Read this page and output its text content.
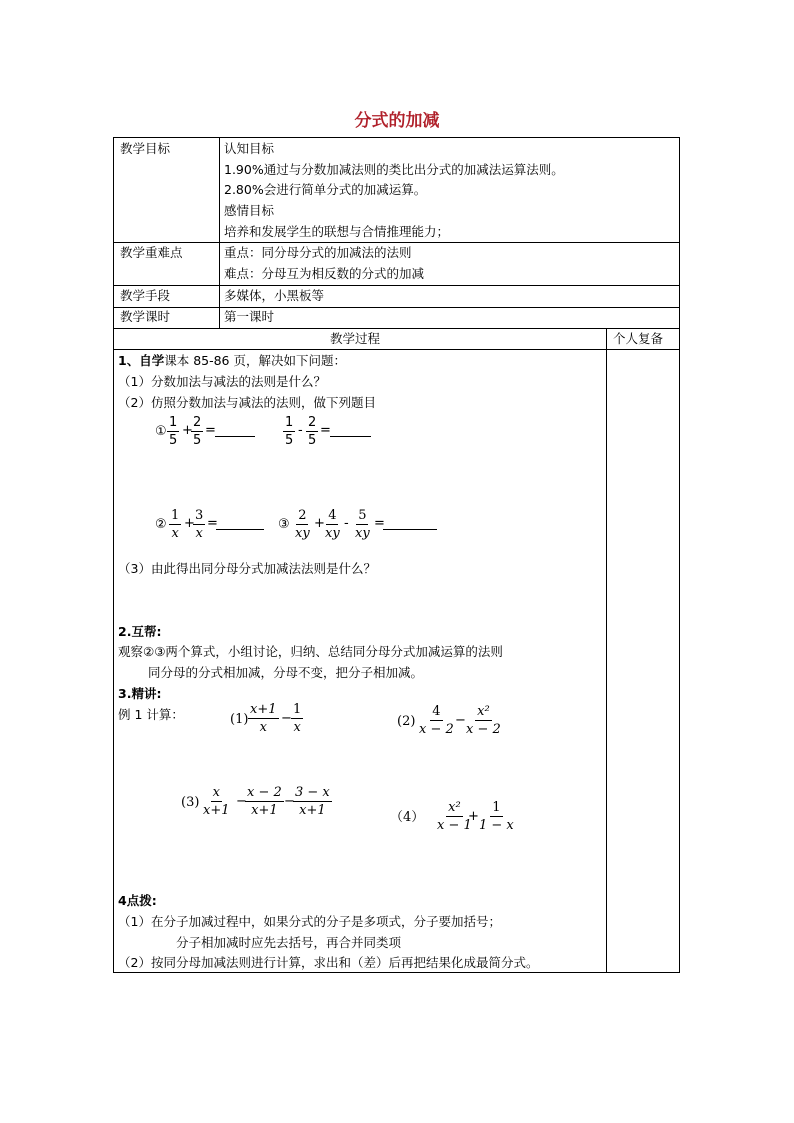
分式的加减
教学目标	认知目标
1.90%通过与分数加减法则的类比出分式的加减法运算法则。
2.80%会进行简单分式的加减运算。
感情目标
培养和发展学生的联想与合情推理能力；
教学重难点	重点：同分母分式的加减法的法则
难点：分母互为相反数的分式的加减
教学手段	多媒体，小黑板等
教学课时	第一课时
教学过程	个人复备
1、自学课本 85-86 页，解决如下问题：
（1）分数加法与减法的法则是什么？
（2）仿照分数加法与减法的法则，做下列题目
① $\frac{1}{5}$ +
$\frac{2}{5}$ =	$\frac{1}{5} - \frac{2}{5}$ =
② $\frac{1}{x}$ +
$\frac{3}{x}$ =	③ $\frac{2}{xy}$ +
$\frac{4}{xy} - \frac{5}{xy}$ =
（3）由此得出同分母分式加减法法则是什么？
2.互帮:
观察②③两个算式，小组讨论，归纳、总结同分母分式加减运算的法则
同分母的分式相加减，分母不变，把分子相加减。
3.精讲:
例 1 计算：	$(1) \frac{x+1}{x} - \frac{1}{x}$	$(2) \frac{4}{x - 2}$ −
$\frac{\text{x²}}{x - 2}$
$(3) \frac{x}{x+1}$ −
$\frac{x - 2}{x+1}$ −
$\frac{3 - x}{x+1}$	$(4) \frac{\text{x²}}{x - 1}$
+
$\frac{1}{1 - x}$
4点拨:
（1）在分子加减过程中，如果分式的分子是多项式，分子要加括号；
分子相加减时应先去括号，再合并同类项
（2）按同分母加减法则进行计算，求出和（差）后再把结果化成最简分式。
